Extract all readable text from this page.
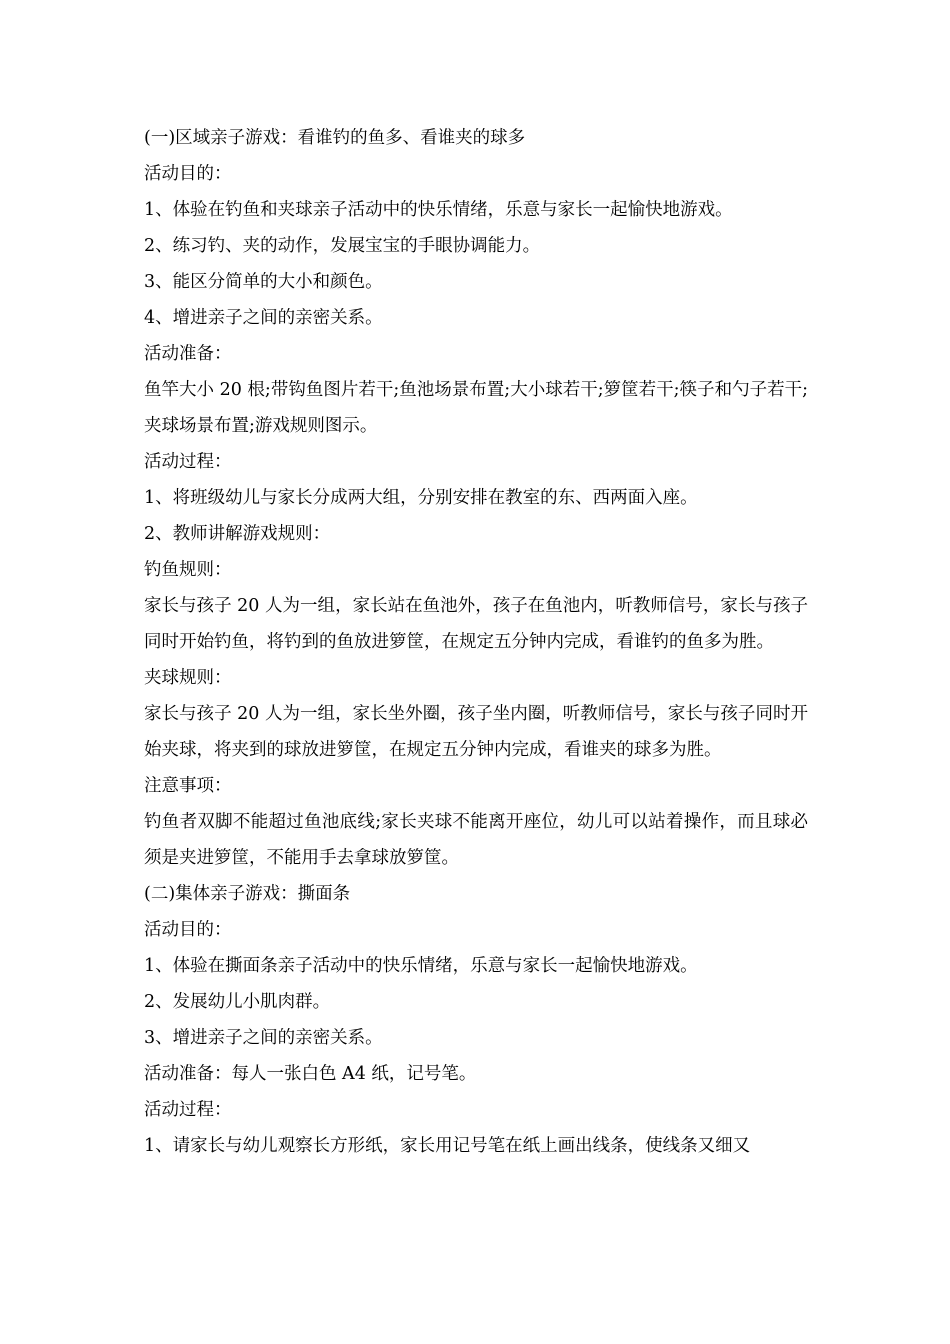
(一)区域亲子游戏：看谁钓的鱼多、看谁夹的球多

活动目的：

1、体验在钓鱼和夹球亲子活动中的快乐情绪，乐意与家长一起愉快地游戏。

2、练习钓、夹的动作，发展宝宝的手眼协调能力。

3、能区分简单的大小和颜色。

4、增进亲子之间的亲密关系。

活动准备：

鱼竿大小 20 根;带钩鱼图片若干;鱼池场景布置;大小球若干;箩筐若干;筷子和勺子若干;夹球场景布置;游戏规则图示。

活动过程：

1、将班级幼儿与家长分成两大组，分别安排在教室的东、西两面入座。

2、教师讲解游戏规则：

钓鱼规则：

家长与孩子 20 人为一组，家长站在鱼池外，孩子在鱼池内，听教师信号，家长与孩子同时开始钓鱼，将钓到的鱼放进箩筐，在规定五分钟内完成，看谁钓的鱼多为胜。

夹球规则：

家长与孩子 20 人为一组，家长坐外圈，孩子坐内圈，听教师信号，家长与孩子同时开始夹球，将夹到的球放进箩筐，在规定五分钟内完成，看谁夹的球多为胜。

注意事项：

钓鱼者双脚不能超过鱼池底线;家长夹球不能离开座位，幼儿可以站着操作，而且球必须是夹进箩筐，不能用手去拿球放箩筐。

(二)集体亲子游戏：撕面条

活动目的：

1、体验在撕面条亲子活动中的快乐情绪，乐意与家长一起愉快地游戏。

2、发展幼儿小肌肉群。

3、增进亲子之间的亲密关系。

活动准备：每人一张白色 A4 纸，记号笔。

活动过程：

1、请家长与幼儿观察长方形纸，家长用记号笔在纸上画出线条，使线条又细又
